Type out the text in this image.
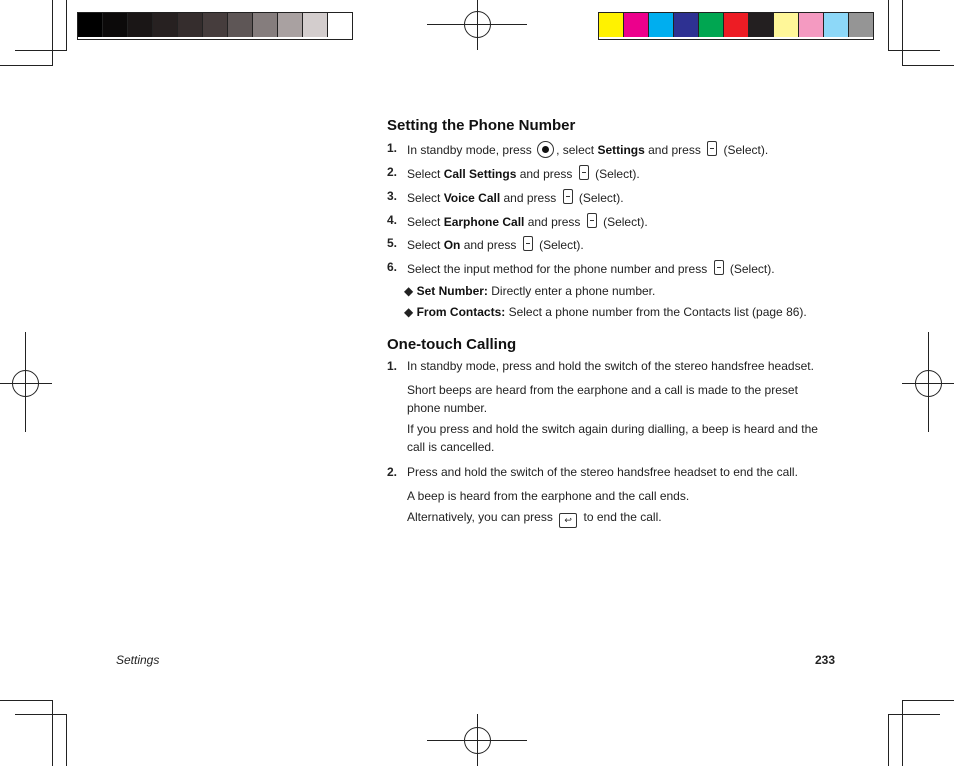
Setting the Phone Number
1. In standby mode, press , select Settings and press  (Select).
2. Select Call Settings and press  (Select).
3. Select Voice Call and press  (Select).
4. Select Earphone Call and press  (Select).
5. Select On and press  (Select).
6. Select the input method for the phone number and press  (Select).
◆ Set Number: Directly enter a phone number.
◆ From Contacts: Select a phone number from the Contacts list (page 86).
One-touch Calling
1. In standby mode, press and hold the switch of the stereo handsfree headset.
Short beeps are heard from the earphone and a call is made to the preset phone number.
If you press and hold the switch again during dialling, a beep is heard and the call is cancelled.
2. Press and hold the switch of the stereo handsfree headset to end the call.
A beep is heard from the earphone and the call ends.
Alternatively, you can press ↩ to end the call.
Settings	233
